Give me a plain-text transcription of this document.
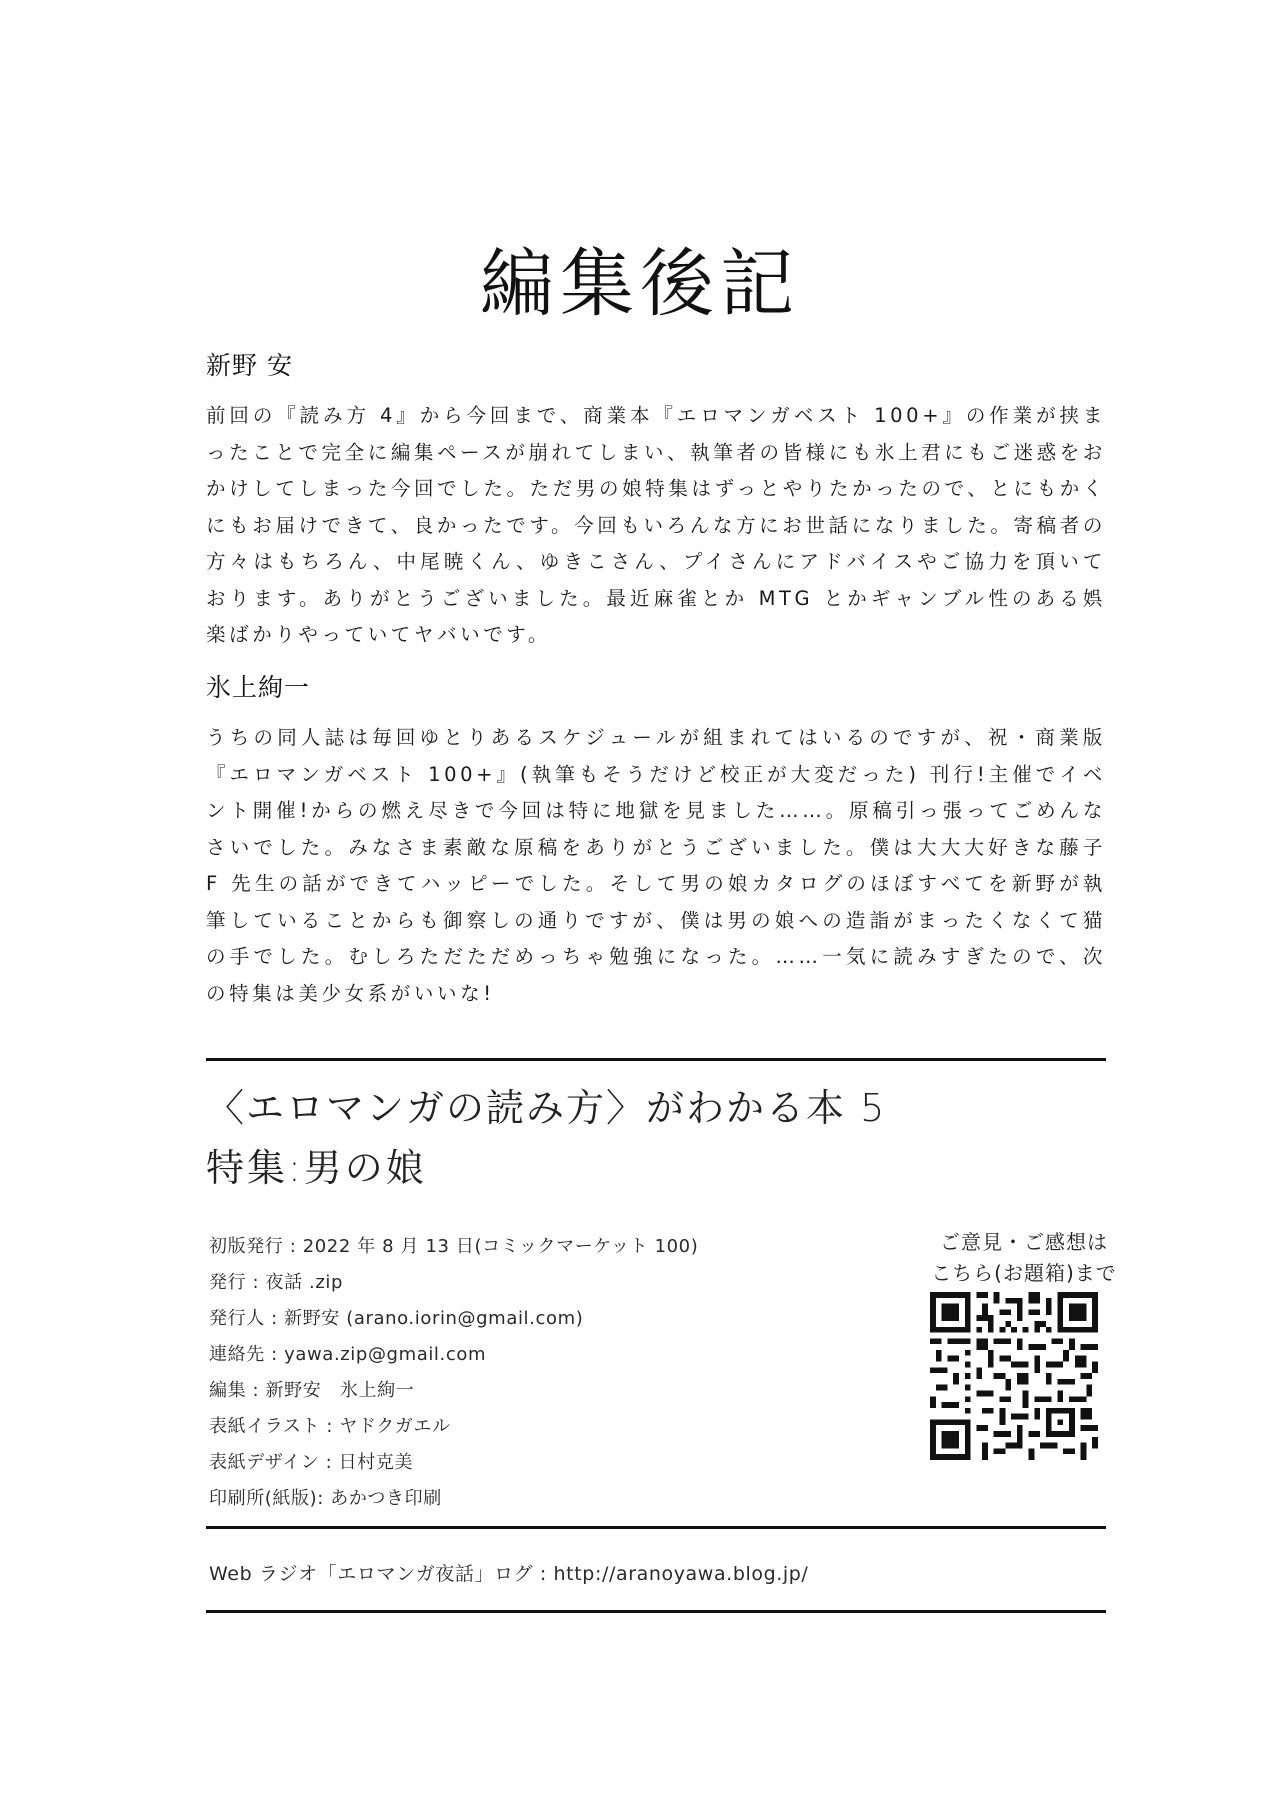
編集後記
新野 安

前回の『読み方 4』から今回まで、商業本『エロマンガベスト 100+』の作業が挟まったことで完全に編集ペースが崩れてしまい、執筆者の皆様にも氷上君にもご迷惑をおかけしてしまった今回でした。ただ男の娘特集はずっとやりたかったので、とにもかくにもお届けできて、良かったです。今回もいろんな方にお世話になりました。寄稿者の方々はもちろん、中尾暁くん、ゆきこさん、プイさんにアドバイスやご協力を頂いております。ありがとうございました。最近麻雀とか MTG とかギャンブル性のある娯楽ばかりやっていてヤバいです。

氷上絢一

うちの同人誌は毎回ゆとりあるスケジュールが組まれてはいるのですが、祝・商業版『エロマンガベスト 100+』(執筆もそうだけど校正が大変だった) 刊行!主催でイベント開催!からの燃え尽きで今回は特に地獄を見ました……。原稿引っ張ってごめんなさいでした。みなさま素敵な原稿をありがとうございました。僕は大大大好きな藤子 F 先生の話ができてハッピーでした。そして男の娘カタログのほぼすべてを新野が執筆していることからも御察しの通りですが、僕は男の娘への造詣がまったくなくて猫の手でした。むしろただただめっちゃ勉強になった。……一気に読みすぎたので、次の特集は美少女系がいいな!

〈エロマンガの読み方〉がわかる本 5
特集:男の娘
初版発行 : 2022 年 8 月 13 日(コミックマーケット 100)
発行 : 夜話 .zip
発行人 : 新野安 (arano.iorin@gmail.com)
連絡先 : yawa.zip@gmail.com
編集 : 新野安　氷上絢一
表紙イラスト : ヤドクガエル
表紙デザイン : 日村克美
印刷所(紙版): あかつき印刷
ご意見・ご感想は
こちら(お題箱)まで
Web ラジオ「エロマンガ夜話」ログ : http://aranoyawa.blog.jp/
